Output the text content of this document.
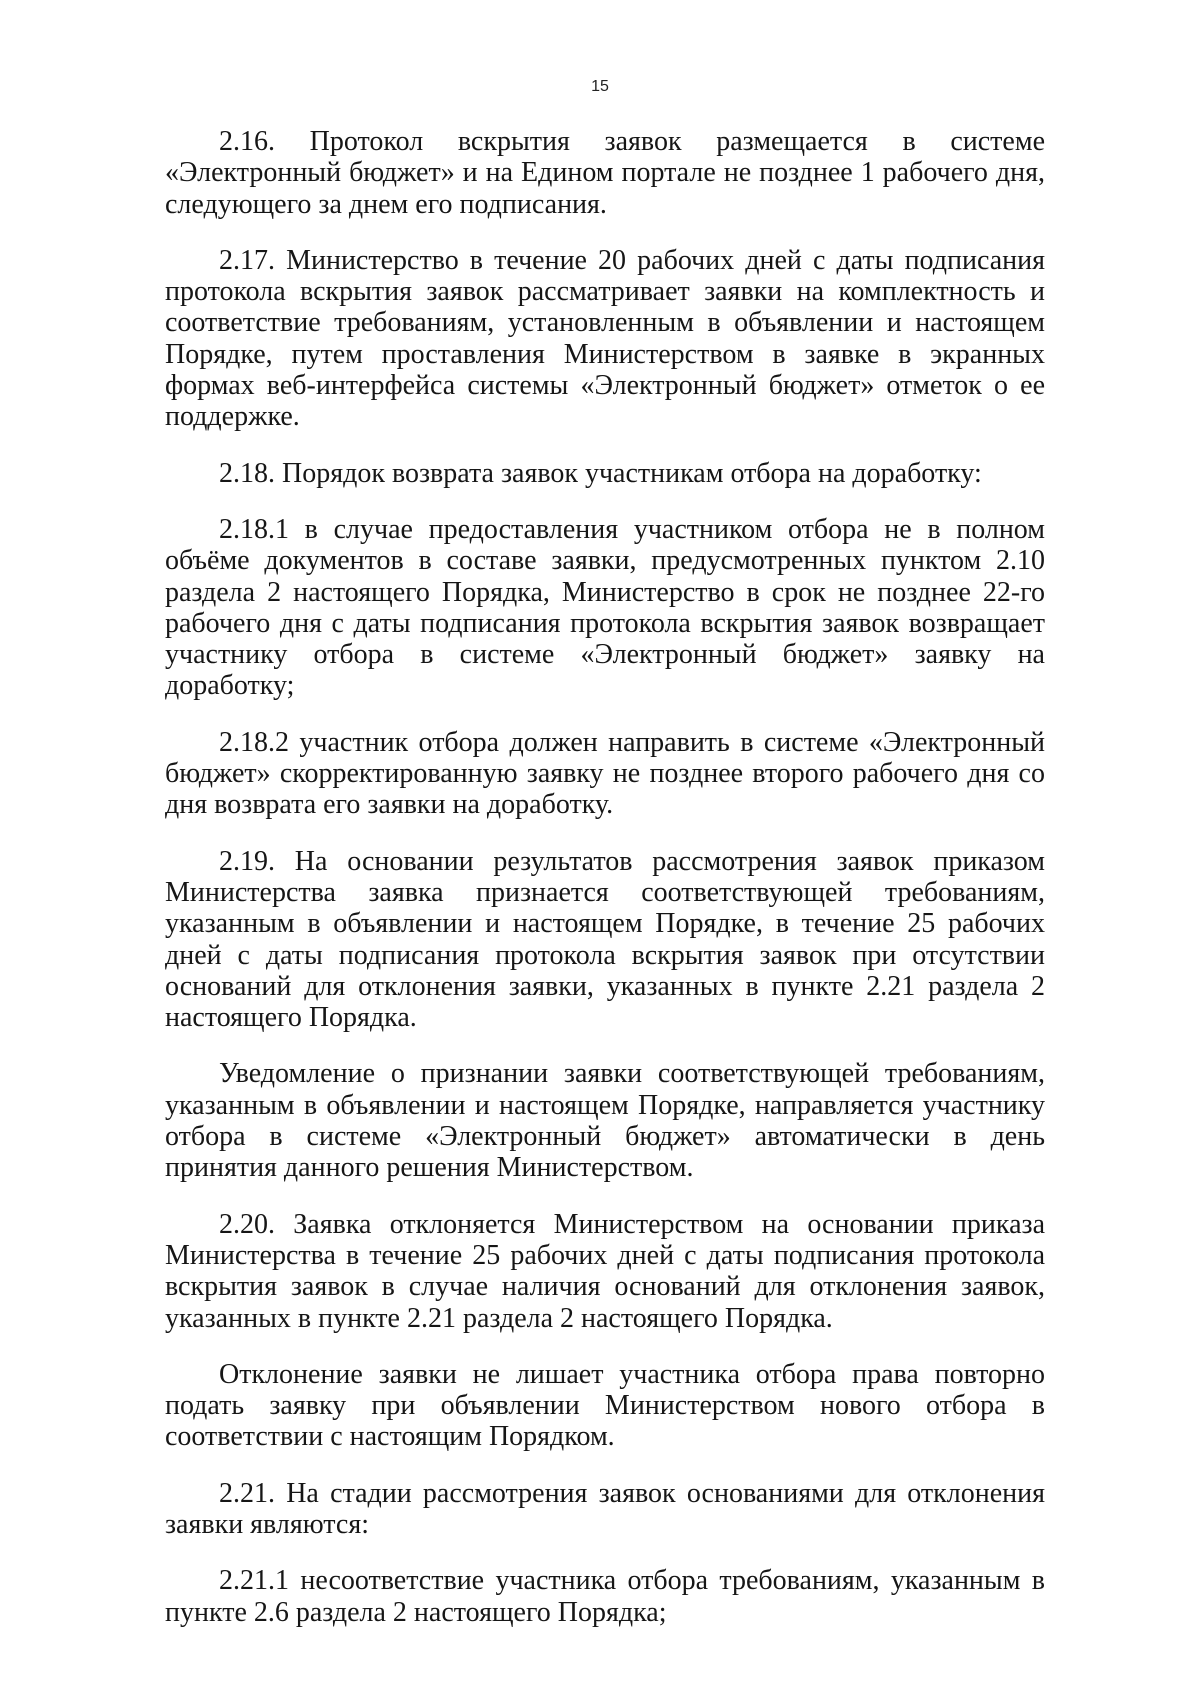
15

2.16. Протокол вскрытия заявок размещается в системе «Электронный бюджет» и на Едином портале не позднее 1 рабочего дня, следующего за днем его подписания.

2.17. Министерство в течение 20 рабочих дней с даты подписания протокола вскрытия заявок рассматривает заявки на комплектность и соответствие требованиям, установленным в объявлении и настоящем Порядке, путем проставления Министерством в заявке в экранных формах веб-интерфейса системы «Электронный бюджет» отметок о ее поддержке.

2.18. Порядок возврата заявок участникам отбора на доработку:

2.18.1 в случае предоставления участником отбора не в полном объёме документов в составе заявки, предусмотренных пунктом 2.10 раздела 2 настоящего Порядка, Министерство в срок не позднее 22-го рабочего дня с даты подписания протокола вскрытия заявок возвращает участнику отбора в системе «Электронный бюджет» заявку на доработку;

2.18.2 участник отбора должен направить в системе «Электронный бюджет» скорректированную заявку не позднее второго рабочего дня со дня возврата его заявки на доработку.

2.19. На основании результатов рассмотрения заявок приказом Министерства заявка признается соответствующей требованиям, указанным в объявлении и настоящем Порядке, в течение 25 рабочих дней с даты подписания протокола вскрытия заявок при отсутствии оснований для отклонения заявки, указанных в пункте 2.21 раздела 2 настоящего Порядка.

Уведомление о признании заявки соответствующей требованиям, указанным в объявлении и настоящем Порядке, направляется участнику отбора в системе «Электронный бюджет» автоматически в день принятия данного решения Министерством.

2.20. Заявка отклоняется Министерством на основании приказа Министерства в течение 25 рабочих дней с даты подписания протокола вскрытия заявок в случае наличия оснований для отклонения заявок, указанных в пункте 2.21 раздела 2 настоящего Порядка.

Отклонение заявки не лишает участника отбора права повторно подать заявку при объявлении Министерством нового отбора в соответствии с настоящим Порядком.

2.21. На стадии рассмотрения заявок основаниями для отклонения заявки являются:

2.21.1 несоответствие участника отбора требованиям, указанным в пункте 2.6 раздела 2 настоящего Порядка;
